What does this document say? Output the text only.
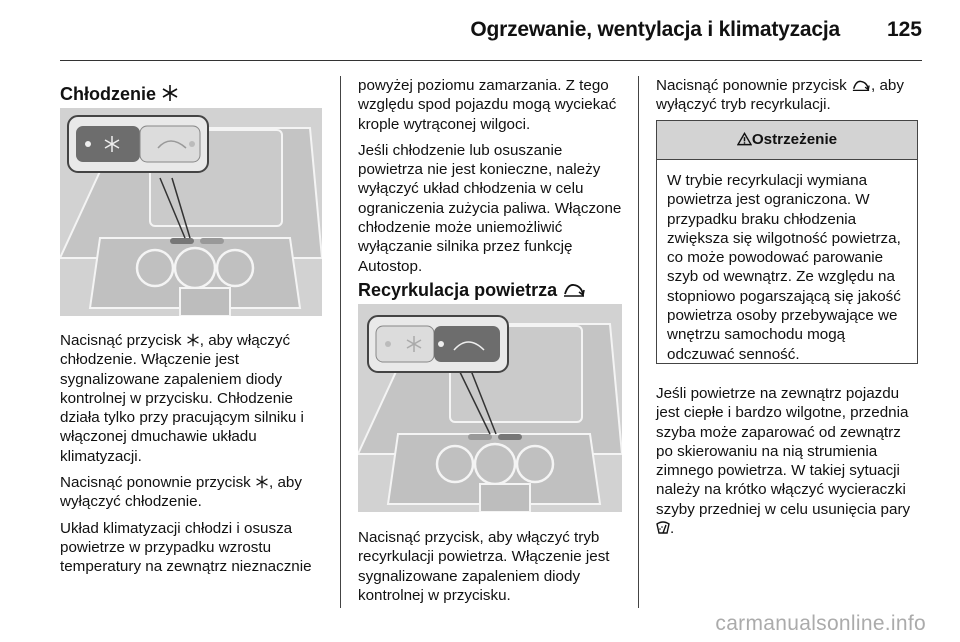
Ogrzewanie, wentylacja i klimatyzacja 125
Chłodzenie

Nacisnąć przycisk , aby włączyć chłodzenie. Włączenie jest sygnalizowane zapaleniem diody kontrolnej w przycisku. Chłodzenie działa tylko przy pracującym silniku i włączonej dmuchawie układu klimatyzacji.

Nacisnąć ponownie przycisk , aby wyłączyć chłodzenie.

Układ klimatyzacji chłodzi i osusza powietrze w przypadku wzrostu temperatury na zewnątrz nieznacznie

powyżej poziomu zamarzania. Z tego względu spod pojazdu mogą wyciekać krople wytrąconej wilgoci.

Jeśli chłodzenie lub osuszanie powietrza nie jest konieczne, należy wyłączyć układ chłodzenia w celu ograniczenia zużycia paliwa. Włączone chłodzenie może uniemożliwić wyłączanie silnika przez funkcję Autostop.

Recyrkulacja powietrza

Nacisnąć przycisk, aby włączyć tryb recyrkulacji powietrza. Włączenie jest sygnalizowane zapaleniem diody kontrolnej w przycisku.

Nacisnąć ponownie przycisk , aby wyłączyć tryb recyrkulacji.

Ostrzeżenie
W trybie recyrkulacji wymiana powietrza jest ograniczona. W przypadku braku chłodzenia zwiększa się wilgotność powietrza, co może powodować parowanie szyb od wewnątrz. Ze względu na stopniowo pogarszającą się jakość powietrza osoby przebywające we wnętrzu samochodu mogą odczuwać senność.

Jeśli powietrze na zewnątrz pojazdu jest ciepłe i bardzo wilgotne, przednia szyba może zaparować od zewnątrz po skierowaniu na nią strumienia zimnego powietrza. W takiej sytuacji należy na krótko włączyć wycieraczki szyby przedniej w celu usunięcia pary
.

carmanualsonline.info
